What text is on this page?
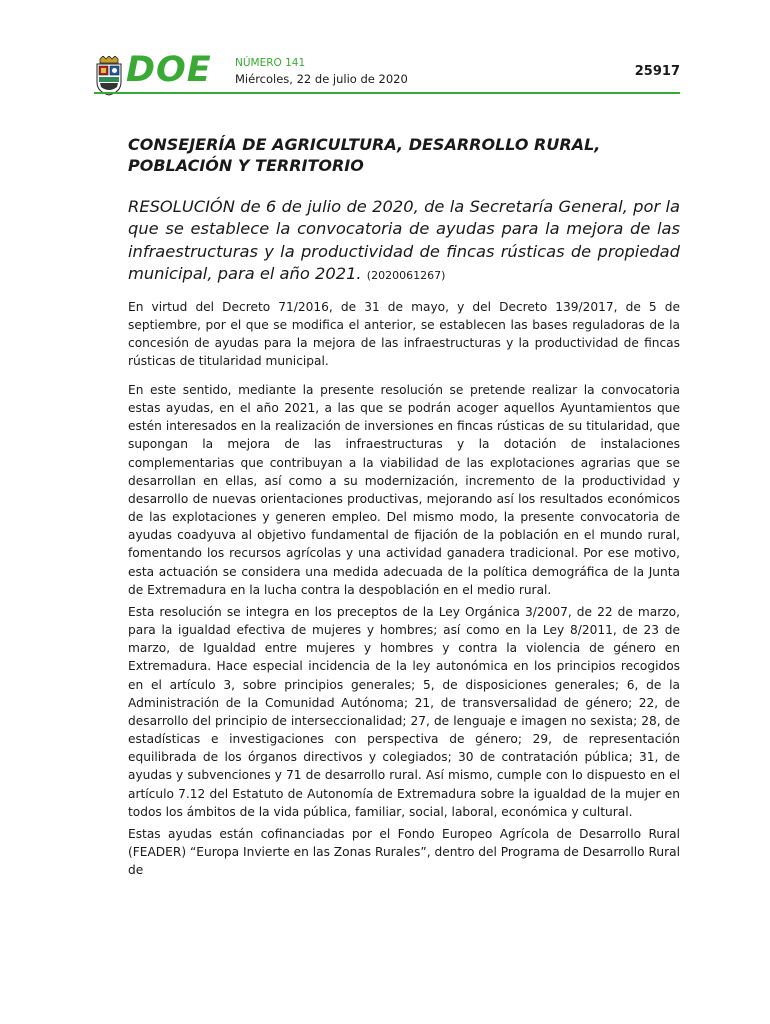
DOE NÚMERO 141
Miércoles, 22 de julio de 2020	25917
CONSEJERÍA DE AGRICULTURA, DESARROLLO RURAL, POBLACIÓN Y TERRITORIO
RESOLUCIÓN de 6 de julio de 2020, de la Secretaría General, por la que se establece la convocatoria de ayudas para la mejora de las infraestructuras y la productividad de fincas rústicas de propiedad municipal, para el año 2021. (2020061267)
En virtud del Decreto 71/2016, de 31 de mayo, y del Decreto 139/2017, de 5 de septiembre, por el que se modifica el anterior, se establecen las bases reguladoras de la concesión de ayudas para la mejora de las infraestructuras y la productividad de fincas rústicas de titularidad municipal.
En este sentido, mediante la presente resolución se pretende realizar la convocatoria estas ayudas, en el año 2021, a las que se podrán acoger aquellos Ayuntamientos que estén interesados en la realización de inversiones en fincas rústicas de su titularidad, que supongan la mejora de las infraestructuras y la dotación de instalaciones complementarias que contribuyan a la viabilidad de las explotaciones agrarias que se desarrollan en ellas, así como a su modernización, incremento de la productividad y desarrollo de nuevas orientaciones productivas, mejorando así los resultados económicos de las explotaciones y generen empleo. Del mismo modo, la presente convocatoria de ayudas coadyuva al objetivo fundamental de fijación de la población en el mundo rural, fomentando los recursos agrícolas y una actividad ganadera tradicional. Por ese motivo, esta actuación se considera una medida adecuada de la política demográfica de la Junta de Extremadura en la lucha contra la despoblación en el medio rural.
Esta resolución se integra en los preceptos de la Ley Orgánica 3/2007, de 22 de marzo, para la igualdad efectiva de mujeres y hombres; así como en la Ley 8/2011, de 23 de marzo, de Igualdad entre mujeres y hombres y contra la violencia de género en Extremadura. Hace especial incidencia de la ley autonómica en los principios recogidos en el artículo 3, sobre principios generales; 5, de disposiciones generales; 6, de la Administración de la Comunidad Autónoma; 21, de transversalidad de género; 22, de desarrollo del principio de interseccionalidad; 27, de lenguaje e imagen no sexista; 28, de estadísticas e investigaciones con perspectiva de género; 29, de representación equilibrada de los órganos directivos y colegiados; 30 de contratación pública; 31, de ayudas y subvenciones y 71 de desarrollo rural. Así mismo, cumple con lo dispuesto en el artículo 7.12 del Estatuto de Autonomía de Extremadura sobre la igualdad de la mujer en todos los ámbitos de la vida pública, familiar, social, laboral, económica y cultural.
Estas ayudas están cofinanciadas por el Fondo Europeo Agrícola de Desarrollo Rural (FEADER) “Europa Invierte en las Zonas Rurales”, dentro del Programa de Desarrollo Rural de
